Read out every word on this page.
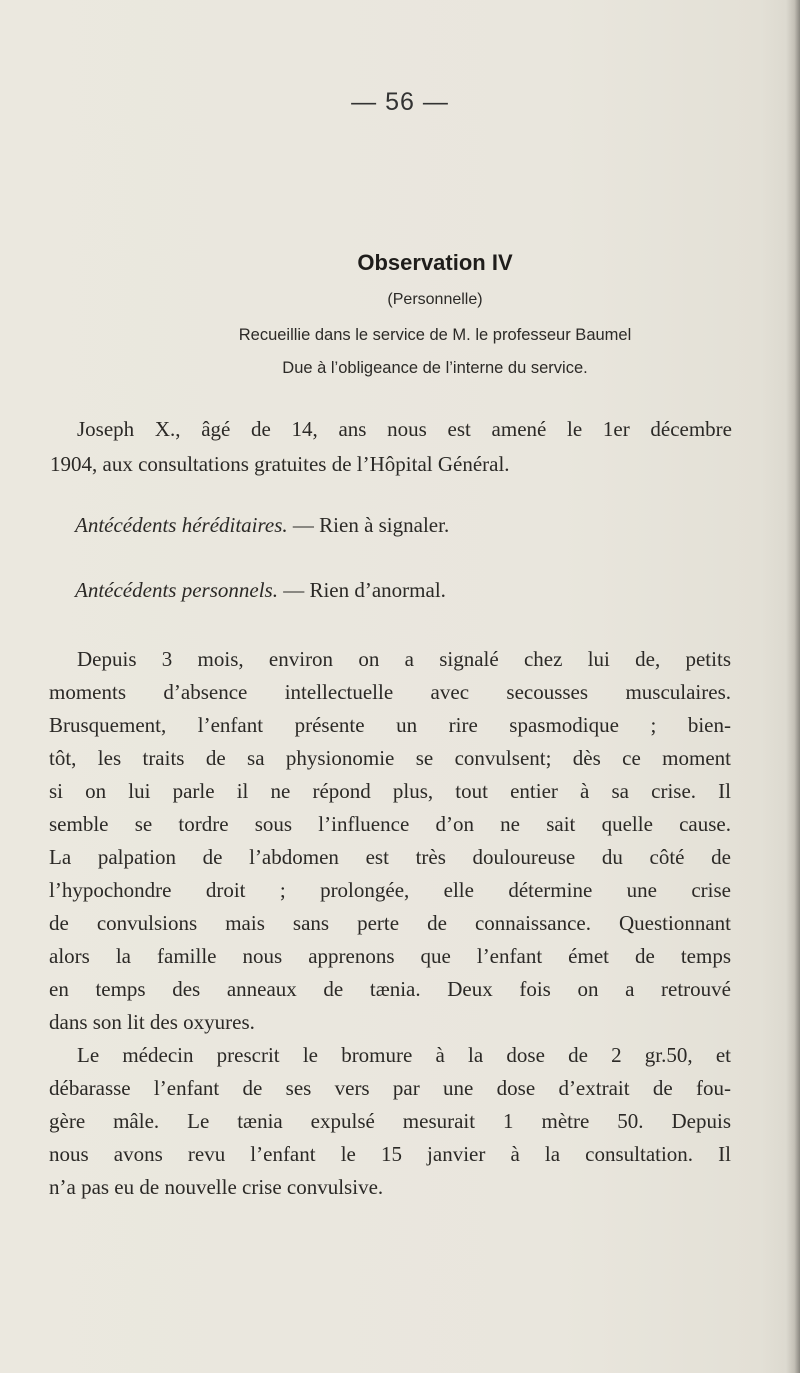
— 56 —
Observation IV
(Personnelle)
Recueillie dans le service de M. le professeur Baumel
Due à l’obligeance de l’interne du service.
Joseph X., âgé de 14, ans nous est amené le 1er décembre
1904, aux consultations gratuites de l’Hôpital Général.
Antécédents héréditaires. — Rien à signaler.
Antécédents personnels. — Rien d’anormal.
Depuis 3 mois, environ on a signalé chez lui de, petits
moments d’absence intellectuelle avec secousses musculaires.
Brusquement, l’enfant présente un rire spasmodique ; bien-
tôt, les traits de sa physionomie se convulsent; dès ce moment
si on lui parle il ne répond plus, tout entier à sa crise. Il
semble se tordre sous l’influence d’on ne sait quelle cause.
La palpation de l’abdomen est très douloureuse du côté de
l’hypochondre droit ; prolongée, elle détermine une crise
de convulsions mais sans perte de connaissance. Questionnant
alors la famille nous apprenons que l’enfant émet de temps
en temps des anneaux de tænia. Deux fois on a retrouvé
dans son lit des oxyures.
Le médecin prescrit le bromure à la dose de 2 gr.50, et
débarasse l’enfant de ses vers par une dose d’extrait de fou-
gère mâle. Le tænia expulsé mesurait 1 mètre 50. Depuis
nous avons revu l’enfant le 15 janvier à la consultation. Il
n’a pas eu de nouvelle crise convulsive.
